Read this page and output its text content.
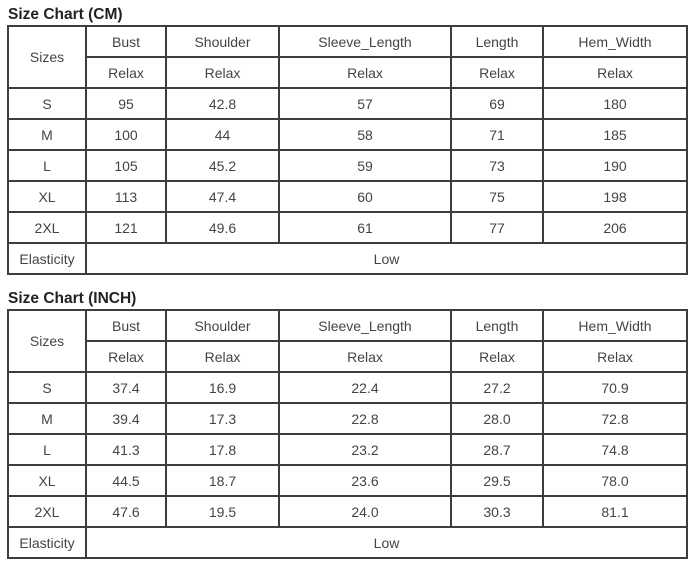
Size Chart (CM)
Sizes	Bust	Shoulder	Sleeve_Length	Length	Hem_Width
	Relax	Relax	Relax	Relax	Relax
S	95	42.8	57	69	180
M	100	44	58	71	185
L	105	45.2	59	73	190
XL	113	47.4	60	75	198
2XL	121	49.6	61	77	206
Elasticity	Low				
Size Chart (INCH)
Sizes	Bust	Shoulder	Sleeve_Length	Length	Hem_Width
	Relax	Relax	Relax	Relax	Relax
S	37.4	16.9	22.4	27.2	70.9
M	39.4	17.3	22.8	28.0	72.8
L	41.3	17.8	23.2	28.7	74.8
XL	44.5	18.7	23.6	29.5	78.0
2XL	47.6	19.5	24.0	30.3	81.1
Elasticity	Low				
